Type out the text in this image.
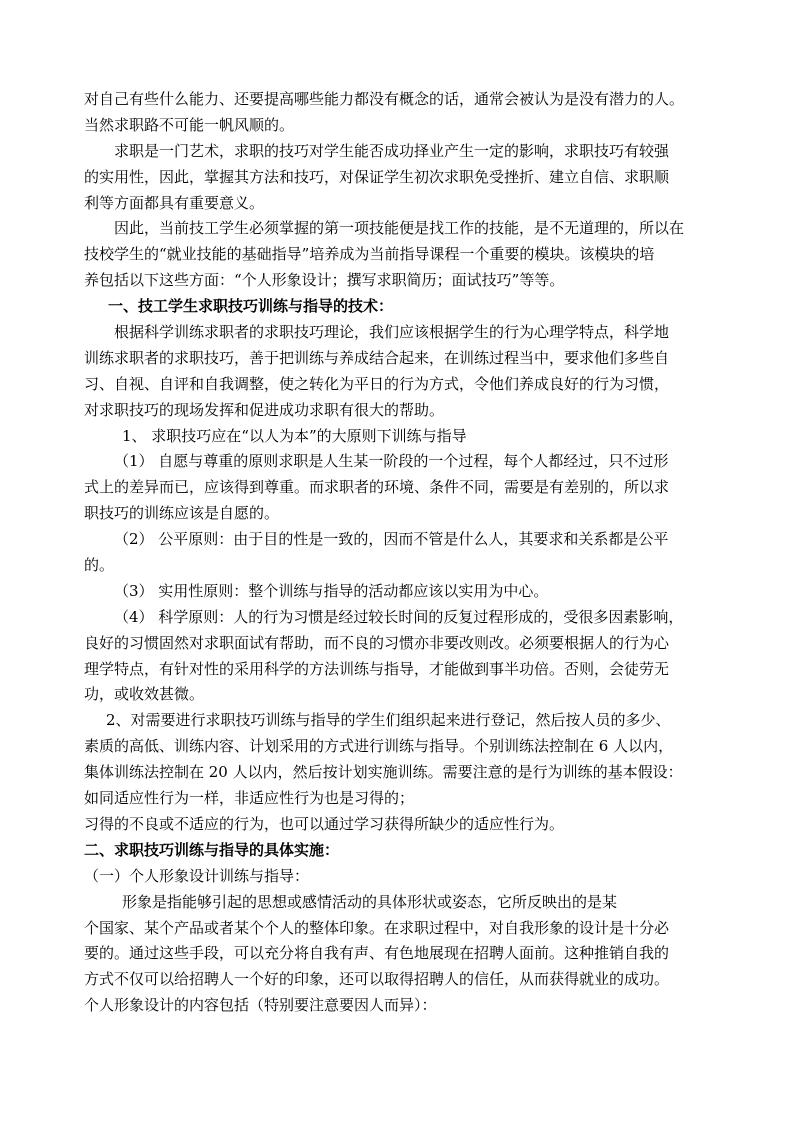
对自己有些什么能力、还要提高哪些能力都没有概念的话，通常会被认为是没有潜力的人。
当然求职路不可能一帆风顺的。
求职是一门艺术，求职的技巧对学生能否成功择业产生一定的影响，求职技巧有较强
的实用性，因此，掌握其方法和技巧，对保证学生初次求职免受挫折、建立自信、求职顺
利等方面都具有重要意义。
因此，当前技工学生必须掌握的第一项技能便是找工作的技能，是不无道理的，所以在
技校学生的“就业技能的基础指导”培养成为当前指导课程一个重要的模块。该模块的培
养包括以下这些方面：“个人形象设计；撰写求职简历；面试技巧”等等。
一、技工学生求职技巧训练与指导的技术：
根据科学训练求职者的求职技巧理论，我们应该根据学生的行为心理学特点，科学地
训练求职者的求职技巧，善于把训练与养成结合起来，在训练过程当中，要求他们多些自
习、自视、自评和自我调整，使之转化为平日的行为方式，令他们养成良好的行为习惯，
对求职技巧的现场发挥和促进成功求职有很大的帮助。
1、 求职技巧应在“以人为本”的大原则下训练与指导
（1） 自愿与尊重的原则求职是人生某一阶段的一个过程，每个人都经过，只不过形
式上的差异而已，应该得到尊重。而求职者的环境、条件不同，需要是有差别的，所以求
职技巧的训练应该是自愿的。
（2） 公平原则：由于目的性是一致的，因而不管是什么人，其要求和关系都是公平
的。
（3） 实用性原则：整个训练与指导的活动都应该以实用为中心。
（4） 科学原则：人的行为习惯是经过较长时间的反复过程形成的，受很多因素影响，
良好的习惯固然对求职面试有帮助，而不良的习惯亦非要改则改。必须要根据人的行为心
理学特点，有针对性的采用科学的方法训练与指导，才能做到事半功倍。否则，会徒劳无
功，或收效甚微。
2、对需要进行求职技巧训练与指导的学生们组织起来进行登记，然后按人员的多少、
素质的高低、训练内容、计划采用的方式进行训练与指导。个别训练法控制在 6 人以内，
集体训练法控制在 20 人以内，然后按计划实施训练。需要注意的是行为训练的基本假设：
如同适应性行为一样，非适应性行为也是习得的；
习得的不良或不适应的行为，也可以通过学习获得所缺少的适应性行为。
二、求职技巧训练与指导的具体实施：
（一）个人形象设计训练与指导：
形象是指能够引起的思想或感情活动的具体形状或姿态，它所反映出的是某
个国家、某个产品或者某个个人的整体印象。在求职过程中，对自我形象的设计是十分必
要的。通过这些手段，可以充分将自我有声、有色地展现在招聘人面前。这种推销自我的
方式不仅可以给招聘人一个好的印象，还可以取得招聘人的信任，从而获得就业的成功。
个人形象设计的内容包括（特别要注意要因人而异）：
